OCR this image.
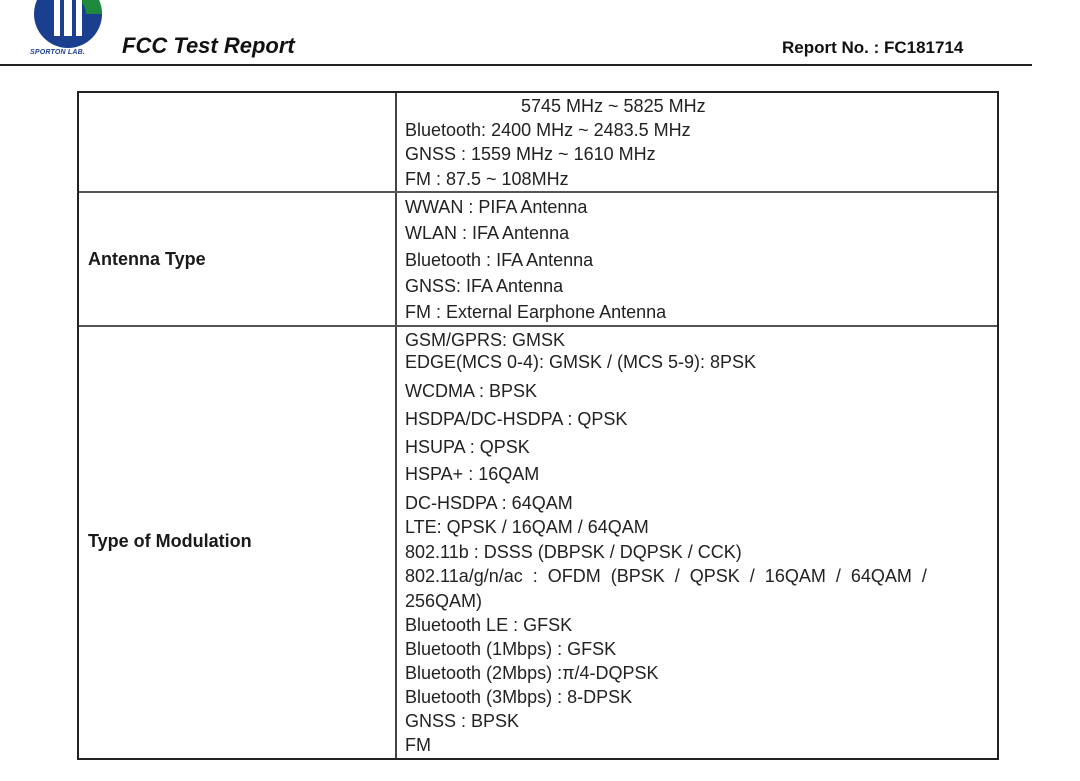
SPORTON LAB. FCC Test Report	Report No. : FC181714
5745 MHz ~ 5825 MHz
Bluetooth: 2400 MHz ~ 2483.5 MHz
GNSS : 1559 MHz ~ 1610 MHz
FM : 87.5 ~ 108MHz
Antenna Type
WWAN : PIFA Antenna
WLAN : IFA Antenna
Bluetooth : IFA Antenna
GNSS: IFA Antenna
FM : External Earphone Antenna
Type of Modulation
GSM/GPRS: GMSK
EDGE(MCS 0-4): GMSK / (MCS 5-9): 8PSK
WCDMA : BPSK
HSDPA/DC-HSDPA : QPSK
HSUPA : QPSK
HSPA+ : 16QAM
DC-HSDPA : 64QAM
LTE: QPSK / 16QAM / 64QAM
802.11b : DSSS (DBPSK / DQPSK / CCK)
802.11a/g/n/ac  :  OFDM  (BPSK  /  QPSK  /  16QAM  /  64QAM  /
256QAM)
Bluetooth LE : GFSK
Bluetooth (1Mbps) : GFSK
Bluetooth (2Mbps) :π/4-DQPSK
Bluetooth (3Mbps) : 8-DPSK
GNSS : BPSK
FM
